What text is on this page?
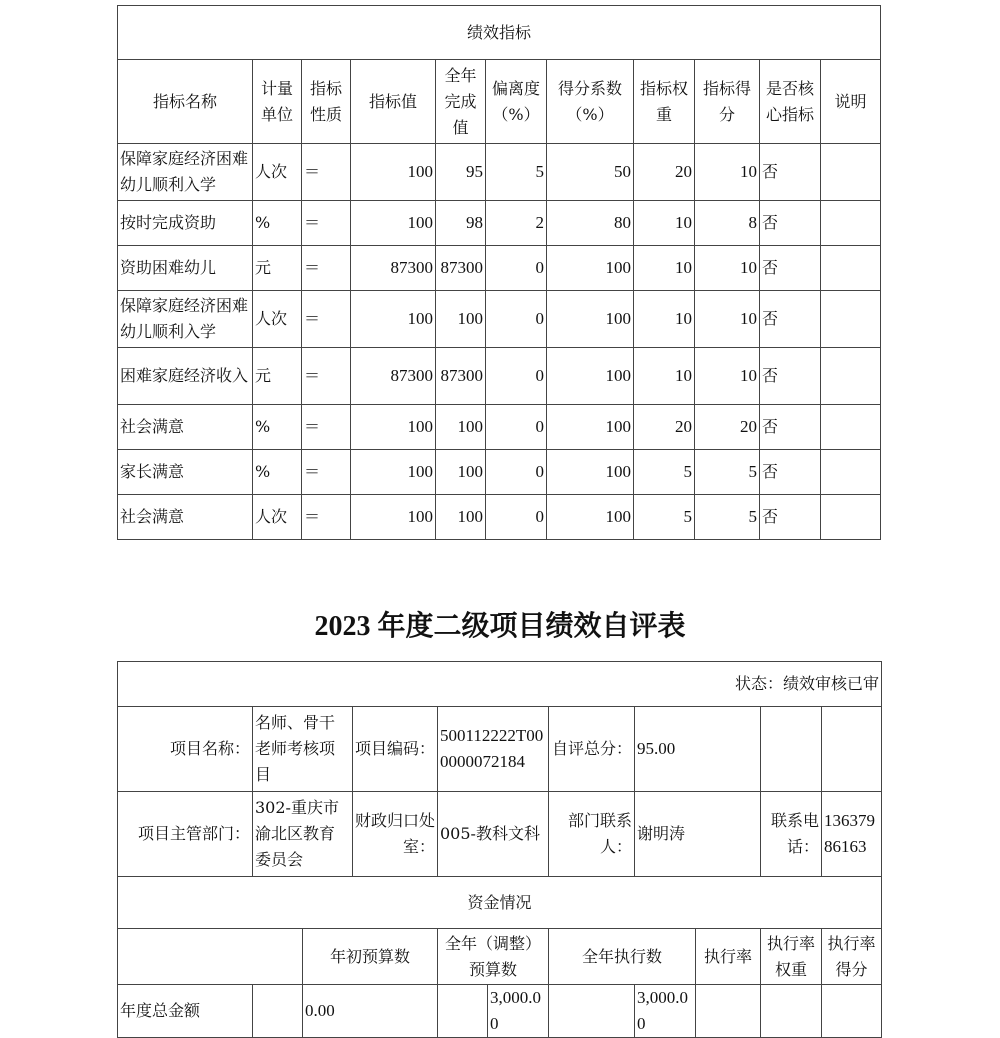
绩效指标										
指标名称	计量单位	指标性质	指标值	全年完成值	偏离度（%）	得分系数（%）	指标权重	指标得分	是否核心指标	说明
保障家庭经济困难幼儿顺利入学	人次	＝	100	95	5	50	20	10	否	
按时完成资助	%	＝	100	98	2	80	10	8	否	
资助困难幼儿	元	＝	87300	87300	0	100	10	10	否	
保障家庭经济困难幼儿顺利入学	人次	＝	100	100	0	100	10	10	否	
困难家庭经济收入	元	＝	87300	87300	0	100	10	10	否	
社会满意	%	＝	100	100	0	100	20	20	否	
家长满意	%	＝	100	100	0	100	5	5	否	
社会满意	人次	＝	100	100	0	100	5	5	否	
2023 年度二级项目绩效自评表
状态：绩效审核已审										
项目名称：	名师、骨干老师考核项目		项目编码：	500112222T000000072184		自评总分：	95.00			
项目主管部门：	302-重庆市渝北区教育委员会		财政归口处室：	005-教科文科		部门联系人：	谢明涛		联系电话：	13637986163
资金情况										
		年初预算数		全年（调整）预算数		全年执行数		执行率	执行率权重	执行率得分
年度总金额		0.00			3,000.00		3,000.00			
